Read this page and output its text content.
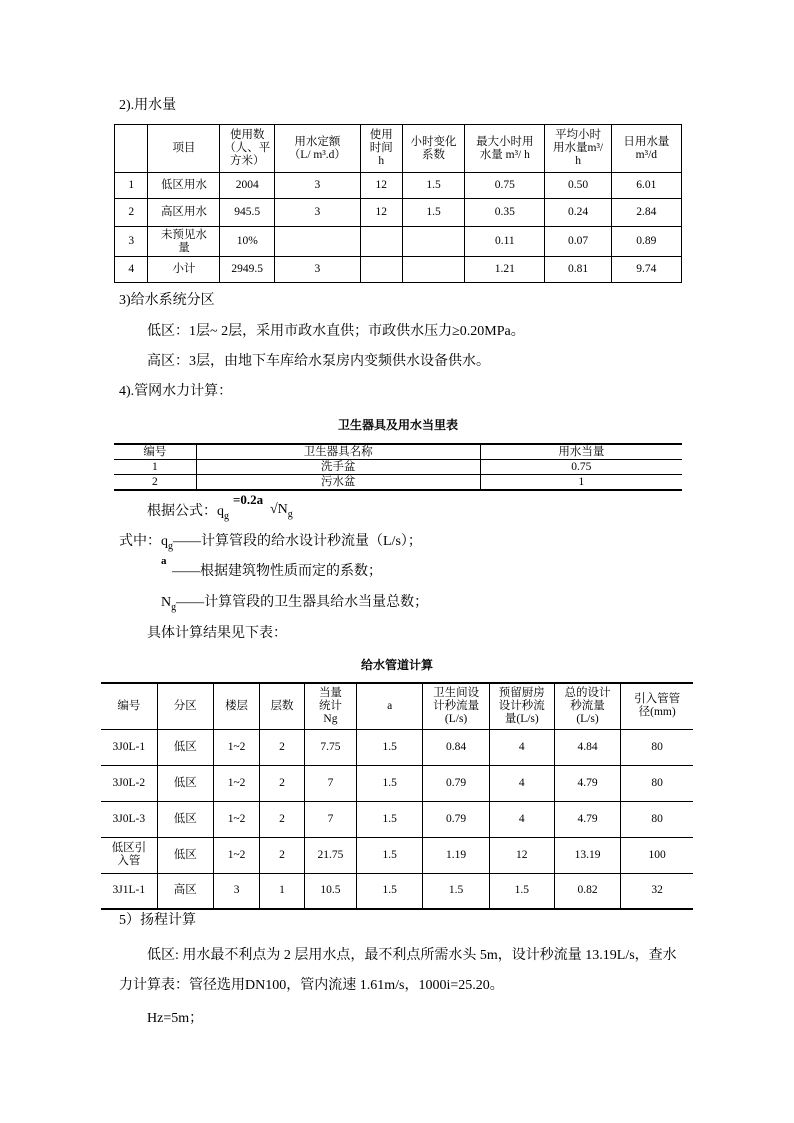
2).用水量
	项目	使用数（人、平方米）	用水定额（L/ m³.d）	使用时间h	小时变化系数	最大小时用水量 m³/ h	平均小时用水量m³/ h	日用水量m³/d
1	低区用水	2004	3	12	1.5	0.75	0.50	6.01
2	高区用水	945.5	3	12	1.5	0.35	0.24	2.84
3	未预见水量	10%				0.11	0.07	0.89
4	小计	2949.5	3			1.21	0.81	9.74
3)给水系统分区
低区：1层~ 2层，采用市政水直供；市政供水压力≥0.20MPa。
高区：3层，由地下车库给水泵房内变频供水设备供水。
4).管网水力计算：
卫生器具及用水当里表
编号	卫生器具名称	用水当量
1	洗手盆	0.75
2	污水盆	1
根据公式：$q_g$
=0.2a
$√N_g$
式中：$q_g——$计算管段的给水设计秒流量（L/s）；
a
——根据建筑物性质而定的系数；
$N_g——$计算管段的卫生器具给水当量总数；
具体计算结果见下表：
给水管道计算
编号	分区	楼层	层数	当量统计Ng	a	卫生间设计秒流量(L/s)	预留厨房设计秒流量(L/s)	总的设计秒流量(L/s)	引入管管径(mm)
3J0L-1	低区	1~2	2	7.75	1.5	0.84	4	4.84	80
3J0L-2	低区	1~2	2	7	1.5	0.79	4	4.79	80
3J0L-3	低区	1~2	2	7	1.5	0.79	4	4.79	80
低区引入管	低区	1~2	2	21.75	1.5	1.19	12	13.19	100
3J1L-1	高区	3	1	10.5	1.5	1.5	1.5	0.82	32
5）扬程计算
低区: 用水最不利点为 2 层用水点，最不利点所需水头 5m，设计秒流量 13.19L/s，查水
力计算表：管径选用DN100，管内流速 1.61m/s，1000i=25.20。
Hz=5m；
